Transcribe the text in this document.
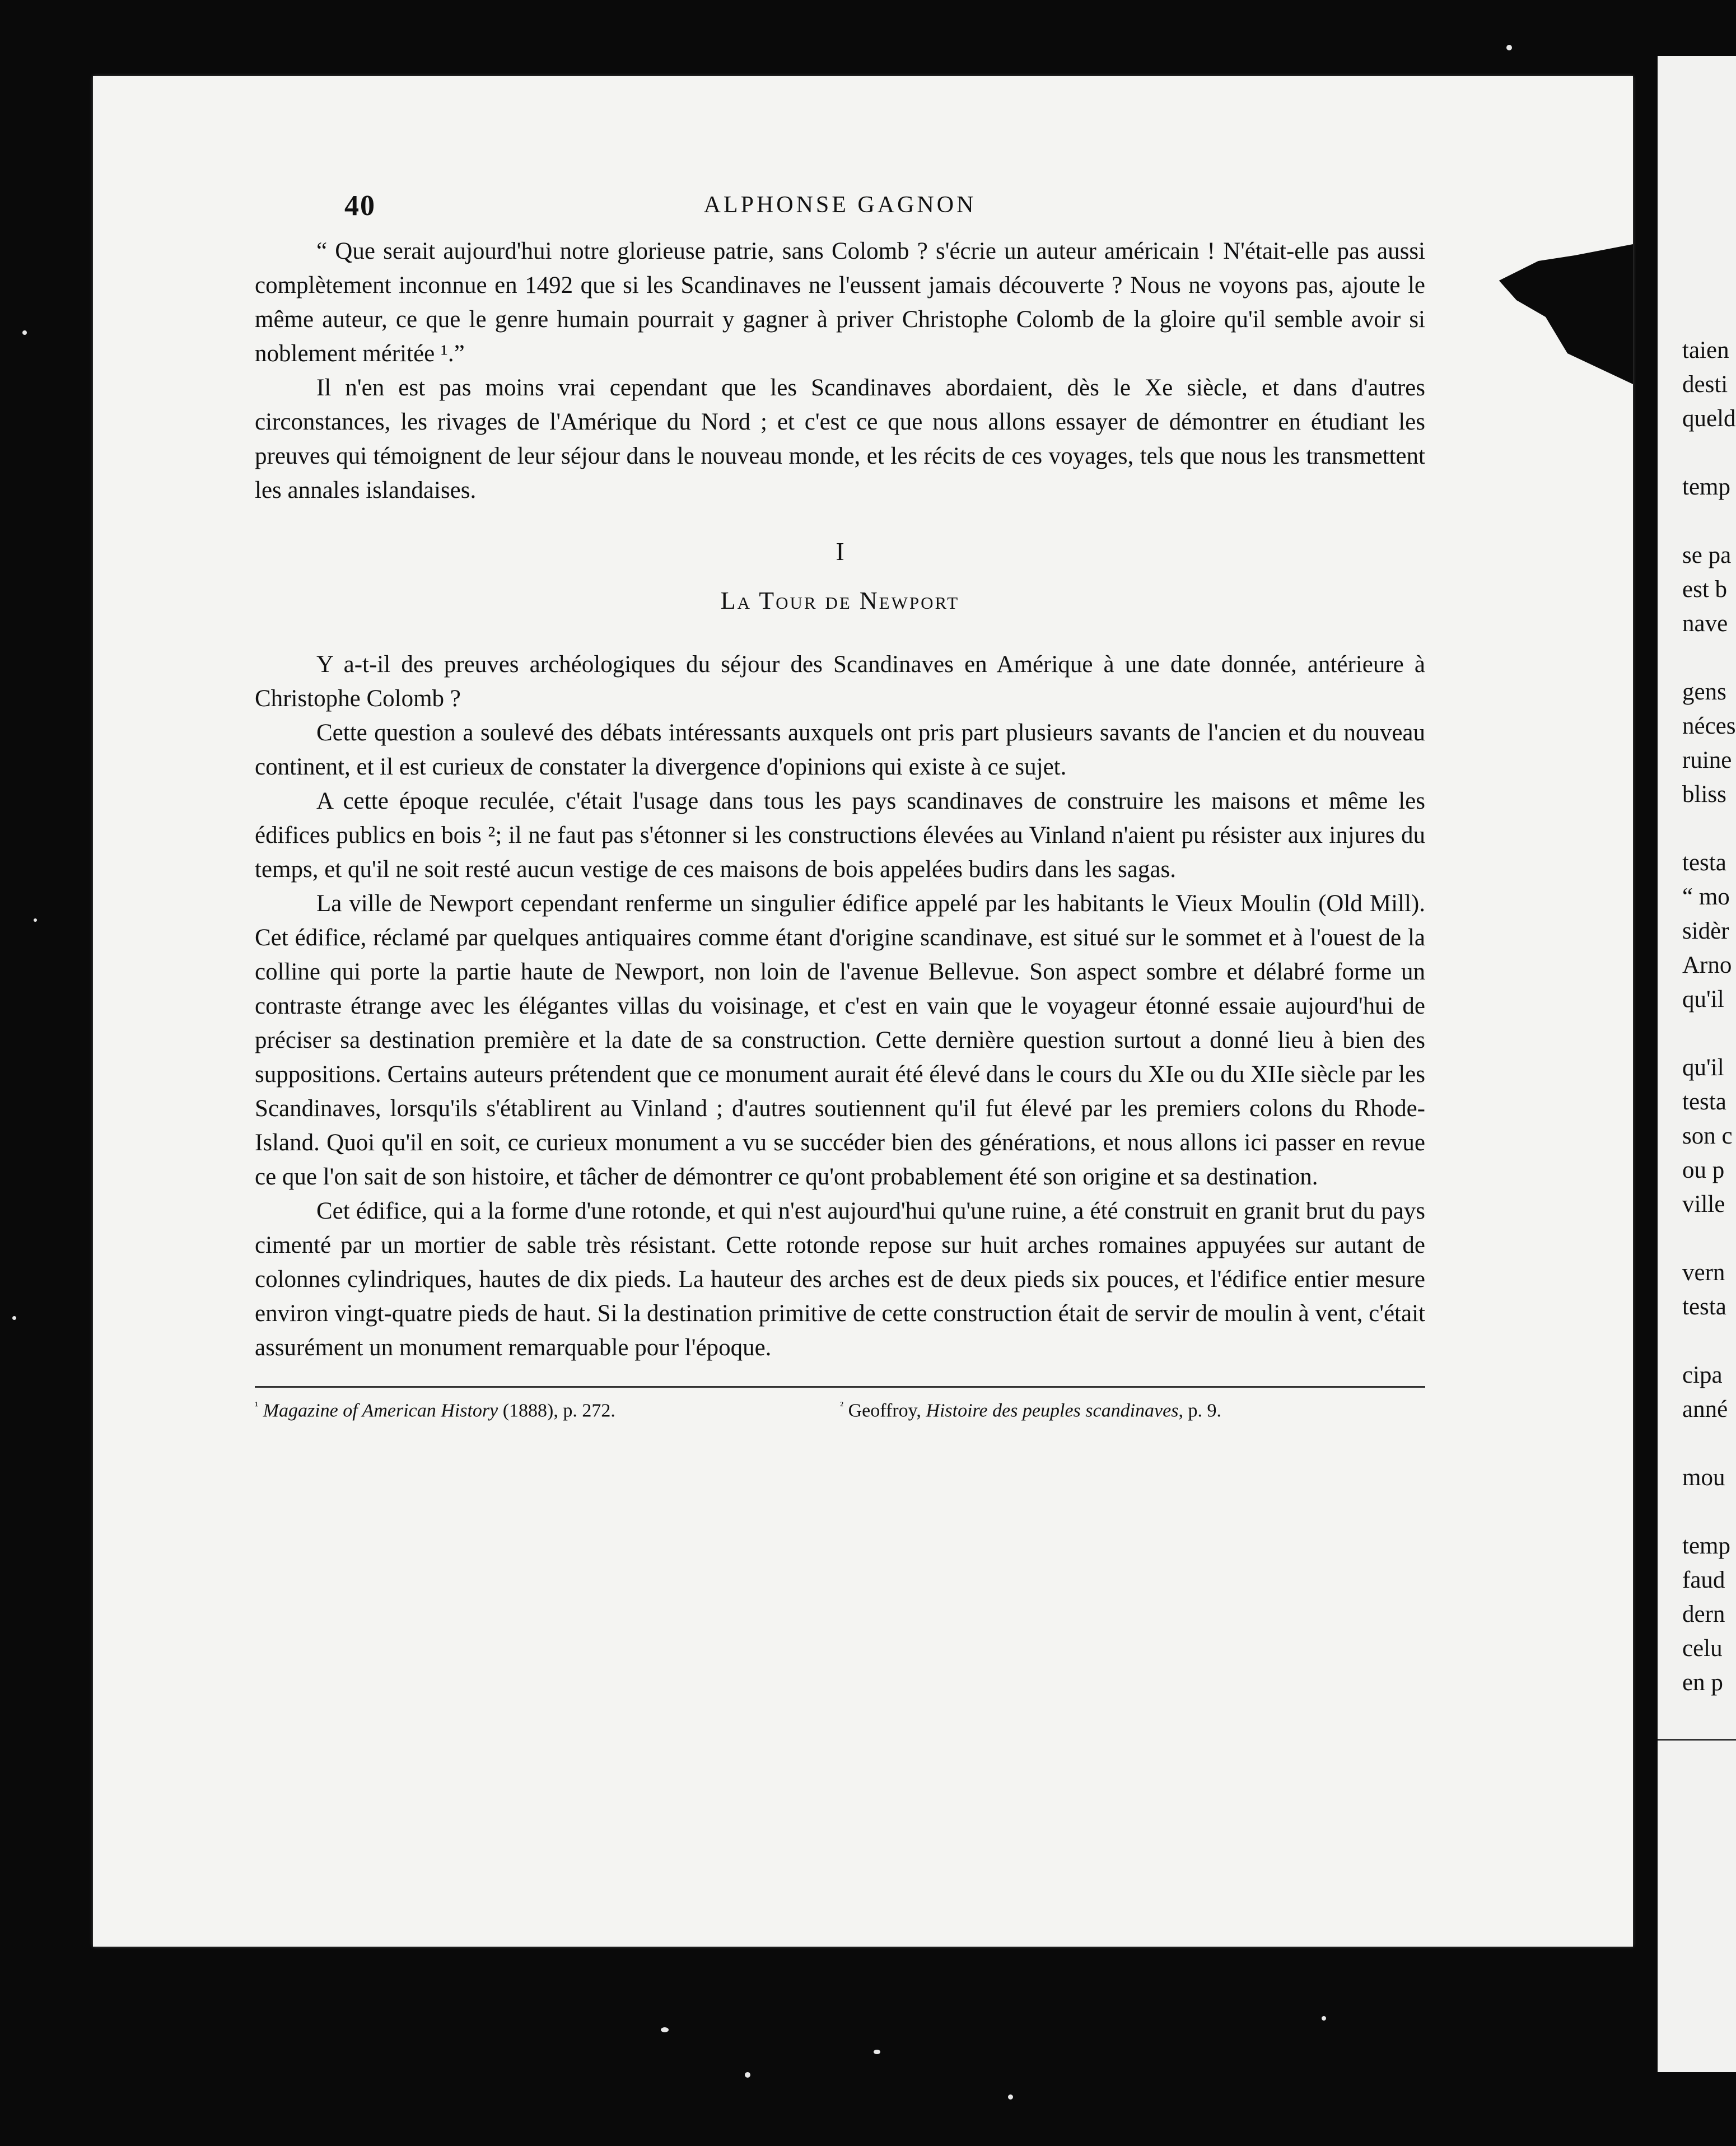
40	ALPHONSE GAGNON

“ Que serait aujourd'hui notre glorieuse patrie, sans Colomb ? s'écrie un auteur américain ! N'était-elle pas aussi complètement inconnue en 1492 que si les Scandinaves ne l'eussent jamais découverte ? Nous ne voyons pas, ajoute le même auteur, ce que le genre humain pourrait y gagner à priver Christophe Colomb de la gloire qu'il semble avoir si noblement méritée ¹.”

Il n'en est pas moins vrai cependant que les Scandinaves abordaient, dès le Xe siècle, et dans d'autres circonstances, les rivages de l'Amérique du Nord ; et c'est ce que nous allons essayer de démontrer en étudiant les preuves qui témoignent de leur séjour dans le nouveau monde, et les récits de ces voyages, tels que nous les transmettent les annales islandaises.

I
La Tour de Newport

Y a-t-il des preuves archéologiques du séjour des Scandinaves en Amérique à une date donnée, antérieure à Christophe Colomb ?

Cette question a soulevé des débats intéressants auxquels ont pris part plusieurs savants de l'ancien et du nouveau continent, et il est curieux de constater la divergence d'opinions qui existe à ce sujet.

A cette époque reculée, c'était l'usage dans tous les pays scandinaves de construire les maisons et même les édifices publics en bois ²; il ne faut pas s'étonner si les constructions élevées au Vinland n'aient pu résister aux injures du temps, et qu'il ne soit resté aucun vestige de ces maisons de bois appelées budirs dans les sagas.

La ville de Newport cependant renferme un singulier édifice appelé par les habitants le Vieux Moulin (Old Mill). Cet édifice, réclamé par quelques antiquaires comme étant d'origine scandinave, est situé sur le sommet et à l'ouest de la colline qui porte la partie haute de Newport, non loin de l'avenue Bellevue. Son aspect sombre et délabré forme un contraste étrange avec les élégantes villas du voisinage, et c'est en vain que le voyageur étonné essaie aujourd'hui de préciser sa destination première et la date de sa construction. Cette dernière question surtout a donné lieu à bien des suppositions. Certains auteurs prétendent que ce monument aurait été élevé dans le cours du XIe ou du XIIe siècle par les Scandinaves, lorsqu'ils s'établirent au Vinland ; d'autres soutiennent qu'il fut élevé par les premiers colons du Rhode-Island. Quoi qu'il en soit, ce curieux monument a vu se succéder bien des générations, et nous allons ici passer en revue ce que l'on sait de son histoire, et tâcher de démontrer ce qu'ont probablement été son origine et sa destination.

Cet édifice, qui a la forme d'une rotonde, et qui n'est aujourd'hui qu'une ruine, a été construit en granit brut du pays cimenté par un mortier de sable très résistant. Cette rotonde repose sur huit arches romaines appuyées sur autant de colonnes cylindriques, hautes de dix pieds. La hauteur des arches est de deux pieds six pouces, et l'édifice entier mesure environ vingt-quatre pieds de haut. Si la destination primitive de cette construction était de servir de moulin à vent, c'était assurément un monument remarquable pour l'époque.

$^{^1}$ Magazine of American History (1888), p. 272.	$^{^2}$ Geoffroy, Histoire des peuples scandinaves, p. 9.
taien
desti
queld
temp
se pa
est b
nave
gens
néces
ruine
bliss
testa
“ mo
sidèr
Arno
qu'il
qu'il
testa
son c
ou p
ville
vern
testa
cipa
anné
mou
temp
faud
dern
celu
en p
